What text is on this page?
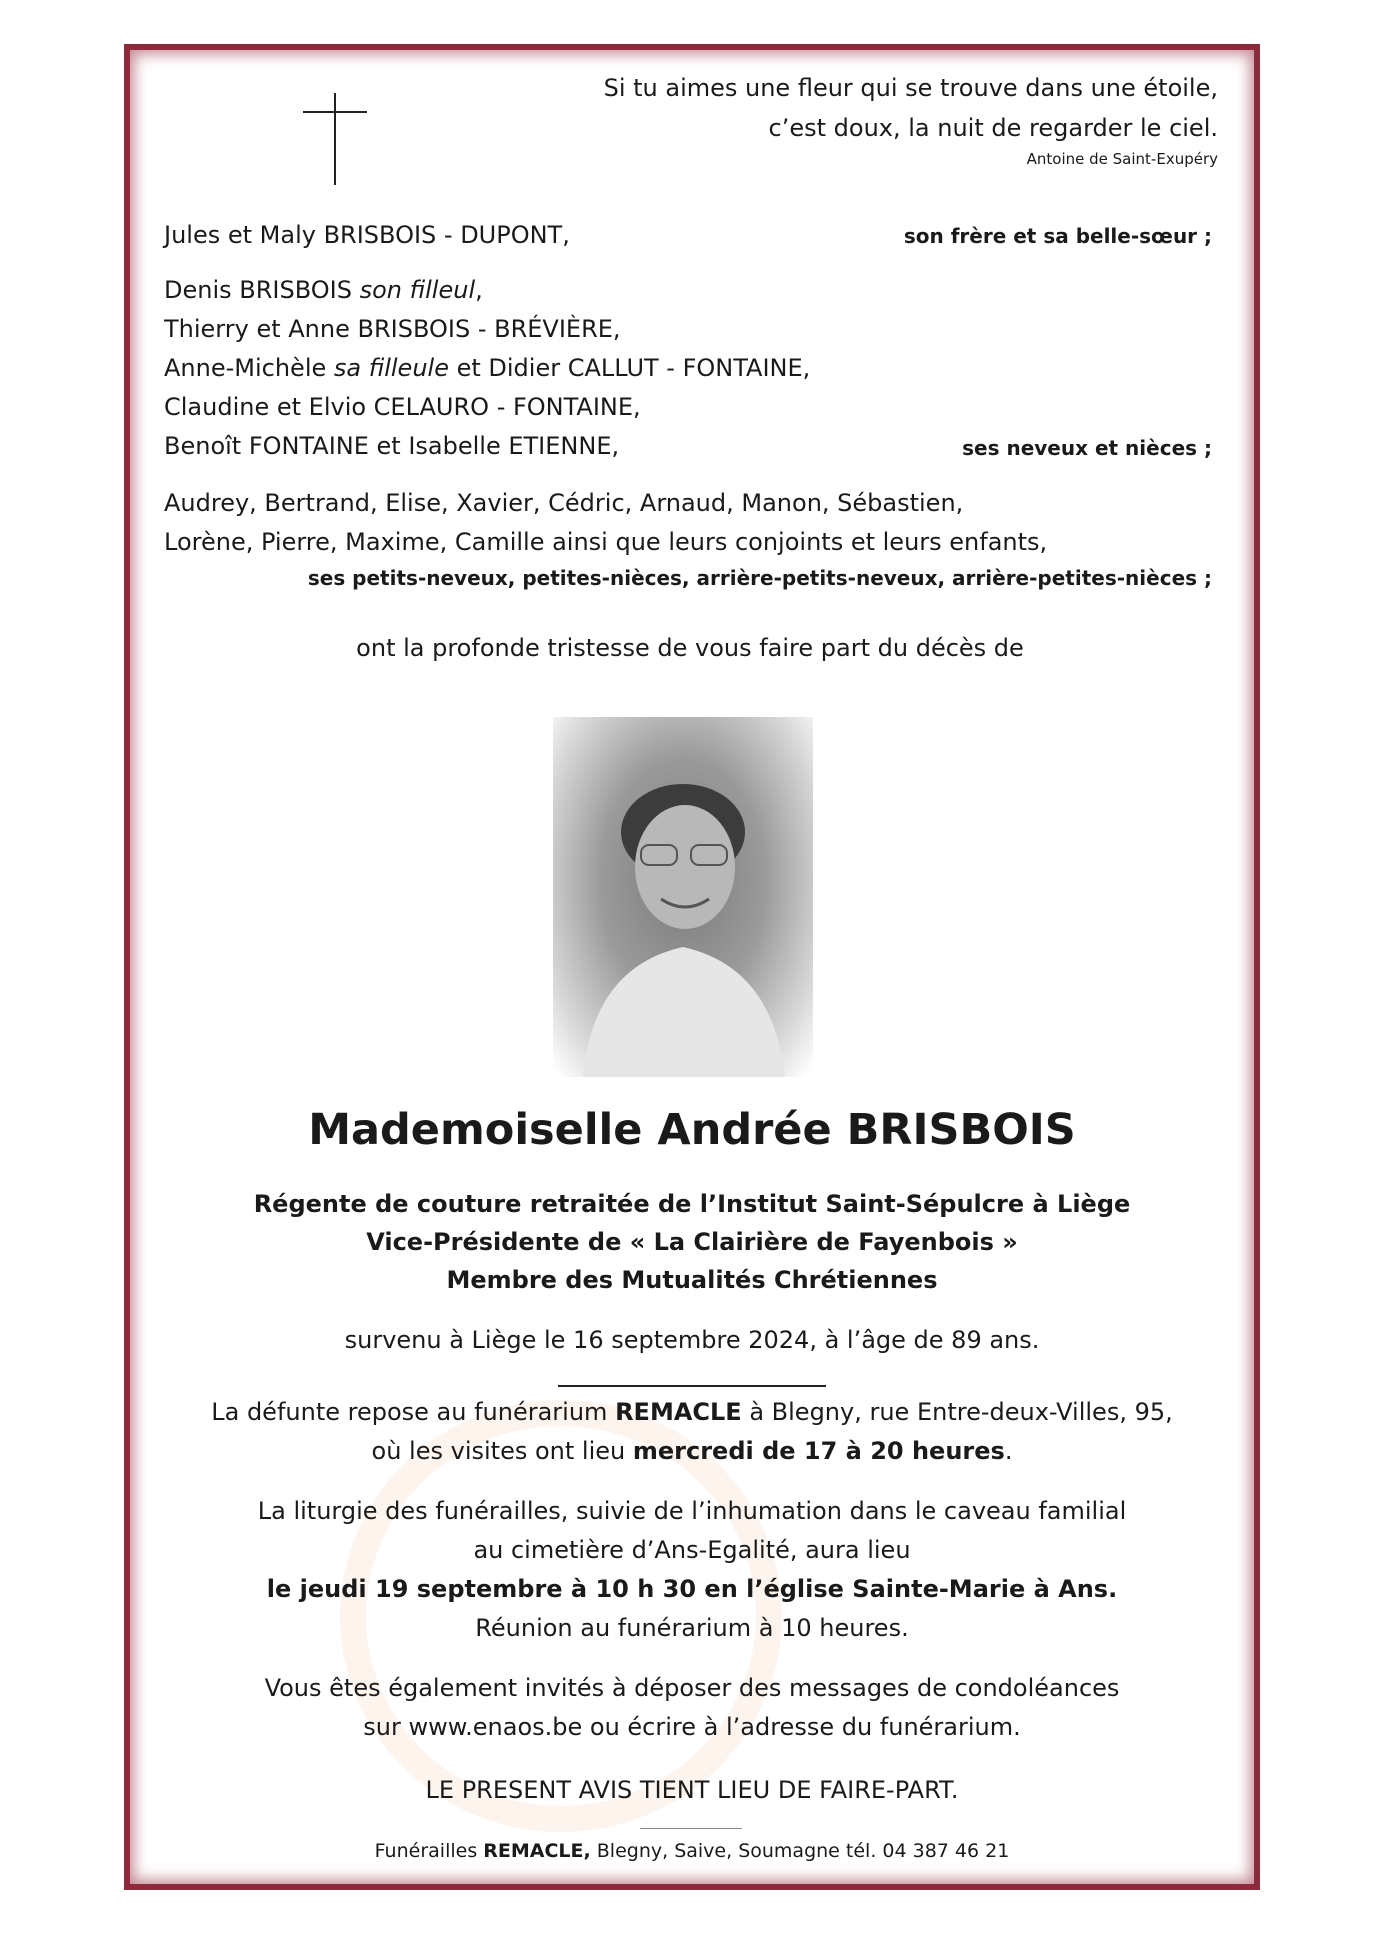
Si tu aimes une fleur qui se trouve dans une étoile,
c’est doux, la nuit de regarder le ciel.
Antoine de Saint-Exupéry
Jules et Maly BRISBOIS - DUPONT,	son frère et sa belle-sœur ;
Denis BRISBOIS son filleul,
Thierry et Anne BRISBOIS - BRÉVIÈRE,
Anne-Michèle sa filleule et Didier CALLUT - FONTAINE,
Claudine et Elvio CELAURO - FONTAINE,
Benoît FONTAINE et Isabelle ETIENNE,	ses neveux et nièces ;
Audrey, Bertrand, Elise, Xavier, Cédric, Arnaud, Manon, Sébastien,
Lorène, Pierre, Maxime, Camille ainsi que leurs conjoints et leurs enfants,
ses petits-neveux, petites-nièces, arrière-petits-neveux, arrière-petites-nièces ;
ont la profonde tristesse de vous faire part du décès de
Mademoiselle Andrée BRISBOIS
Régente de couture retraitée de l’Institut Saint-Sépulcre à Liège
Vice-Présidente de « La Clairière de Fayenbois »
Membre des Mutualités Chrétiennes
survenu à Liège le 16 septembre 2024, à l’âge de 89 ans.
La défunte repose au funérarium REMACLE à Blegny, rue Entre-deux-Villes, 95,
où les visites ont lieu mercredi de 17 à 20 heures.
La liturgie des funérailles, suivie de l’inhumation dans le caveau familial
au cimetière d’Ans-Egalité, aura lieu
le jeudi 19 septembre à 10 h 30 en l’église Sainte-Marie à Ans.
Réunion au funérarium à 10 heures.
Vous êtes également invités à déposer des messages de condoléances
sur www.enaos.be ou écrire à l’adresse du funérarium.
LE PRESENT AVIS TIENT LIEU DE FAIRE-PART.
Funérailles REMACLE, Blegny, Saive, Soumagne tél. 04 387 46 21
